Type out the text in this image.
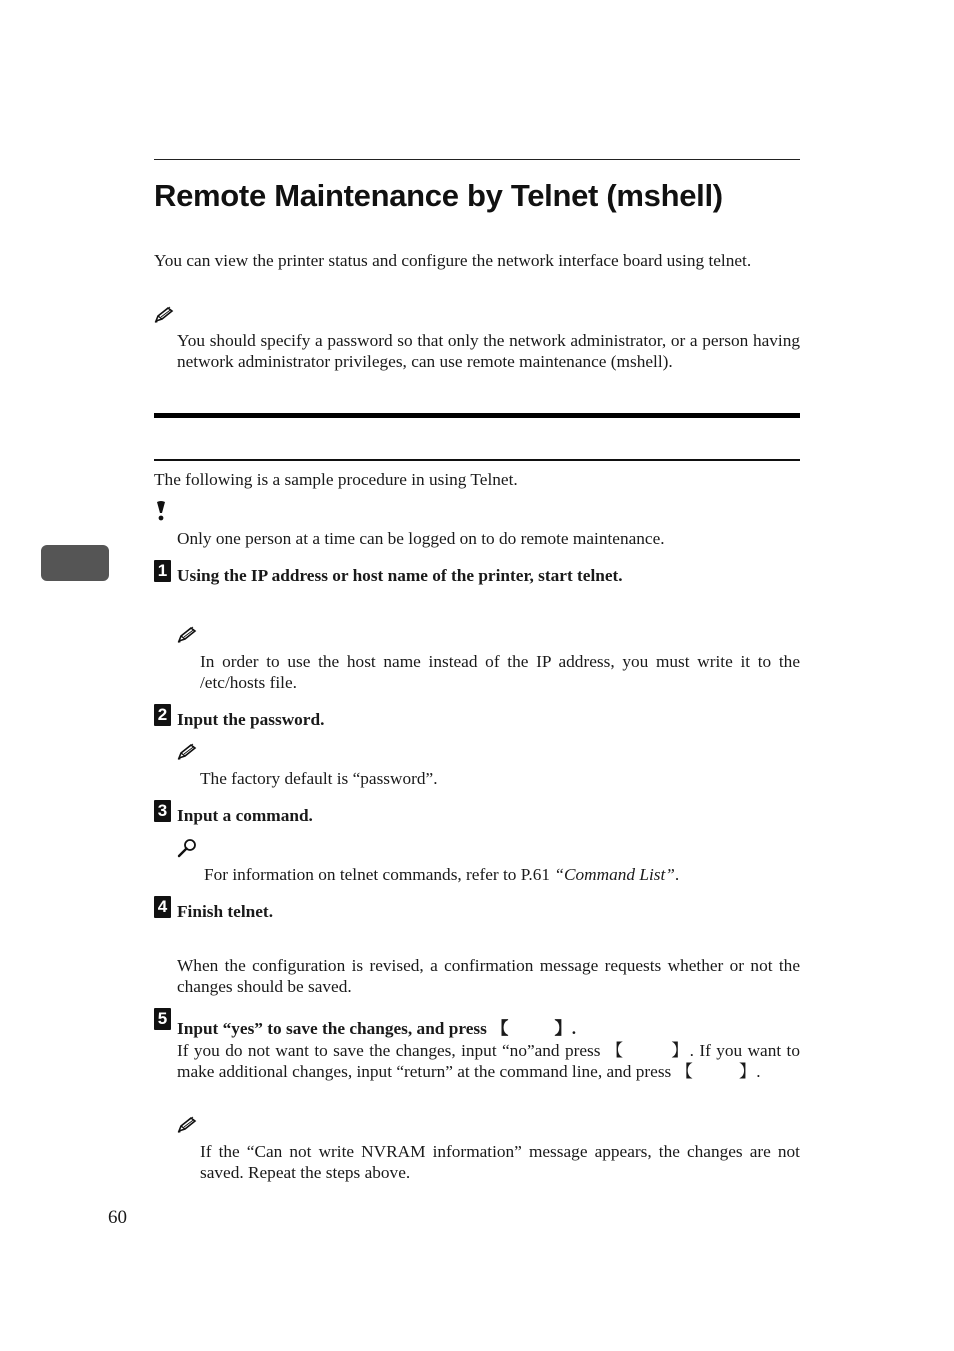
Remote Maintenance by Telnet (mshell)
You can view the printer status and configure the network interface board using telnet.
You should specify a password so that only the network administrator, or a person having network administrator privileges, can use remote maintenance (mshell).
The following is a sample procedure in using Telnet.
Only one person at a time can be logged on to do remote maintenance.
1 Using the IP address or host name of the printer, start telnet.
In order to use the host name instead of the IP address, you must write it to the /etc/hosts file.
2 Input the password.
The factory default is “password”.
3 Input a command.
For information on telnet commands, refer to P.61 “Command List”.
4 Finish telnet.
When the configuration is revised, a confirmation message requests whether or not the changes should be saved.
5
Input “yes” to save the changes, and press 【	】.
If you do not want to save the changes, input “no”and press 【	】. If you want to make additional changes, input “return” at the command line, and press 【	】.
If the “Can not write NVRAM information” message appears, the changes are not saved. Repeat the steps above.
60
